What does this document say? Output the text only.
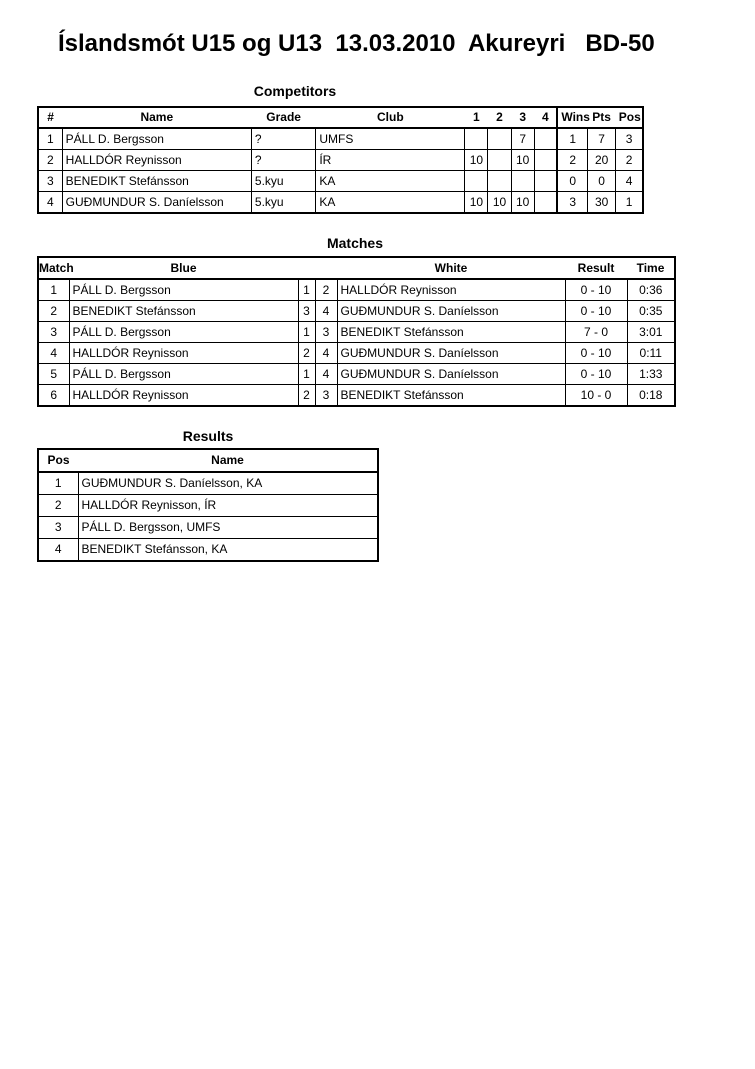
Íslandsmót U15 og U13  13.03.2010  Akureyri   BD-50
Competitors
#	Name	Grade	Club	1	2	3	4	Wins	Pts	Pos
1	PÁLL D. Bergsson	?	UMFS			7		1	7	3
2	HALLDÓR Reynisson	?	ÍR	10		10		2	20	2
3	BENEDIKT Stefánsson	5.kyu	KA					0	0	4
4	GUÐMUNDUR S. Daníelsson	5.kyu	KA	10	10	10		3	30	1
Matches
Match	Blue			White	Result	Time
1	PÁLL D. Bergsson	1	2	HALLDÓR Reynisson	0 - 10	0:36
2	BENEDIKT Stefánsson	3	4	GUÐMUNDUR S. Daníelsson	0 - 10	0:35
3	PÁLL D. Bergsson	1	3	BENEDIKT Stefánsson	7 - 0	3:01
4	HALLDÓR Reynisson	2	4	GUÐMUNDUR S. Daníelsson	0 - 10	0:11
5	PÁLL D. Bergsson	1	4	GUÐMUNDUR S. Daníelsson	0 - 10	1:33
6	HALLDÓR Reynisson	2	3	BENEDIKT Stefánsson	10 - 0	0:18
Results
Pos	Name
1	GUÐMUNDUR S. Daníelsson, KA
2	HALLDÓR Reynisson, ÍR
3	PÁLL D. Bergsson, UMFS
4	BENEDIKT Stefánsson, KA
